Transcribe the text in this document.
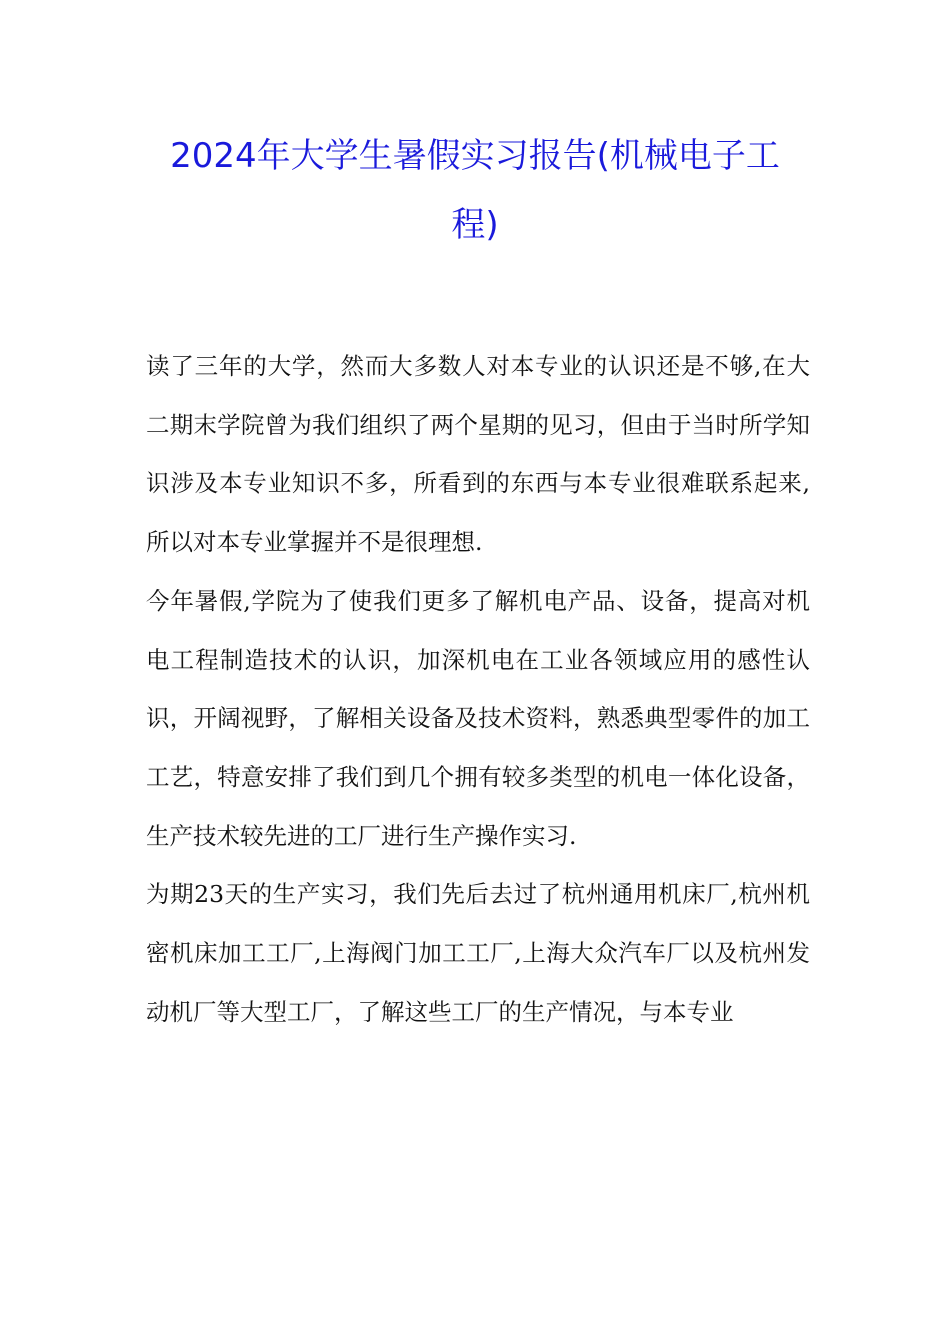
2024年大学生暑假实习报告(机械电子工程)

读了三年的大学，然而大多数人对本专业的认识还是不够,在大二期末学院曾为我们组织了两个星期的见习，但由于当时所学知识涉及本专业知识不多，所看到的东西与本专业很难联系起来,所以对本专业掌握并不是很理想.

今年暑假,学院为了使我们更多了解机电产品、设备，提高对机电工程制造技术的认识，加深机电在工业各领域应用的感性认识，开阔视野，了解相关设备及技术资料，熟悉典型零件的加工工艺，特意安排了我们到几个拥有较多类型的机电一体化设备，生产技术较先进的工厂进行生产操作实习.

为期23天的生产实习，我们先后去过了杭州通用机床厂,杭州机密机床加工工厂,上海阀门加工工厂,上海大众汽车厂以及杭州发动机厂等大型工厂，了解这些工厂的生产情况，与本专业
